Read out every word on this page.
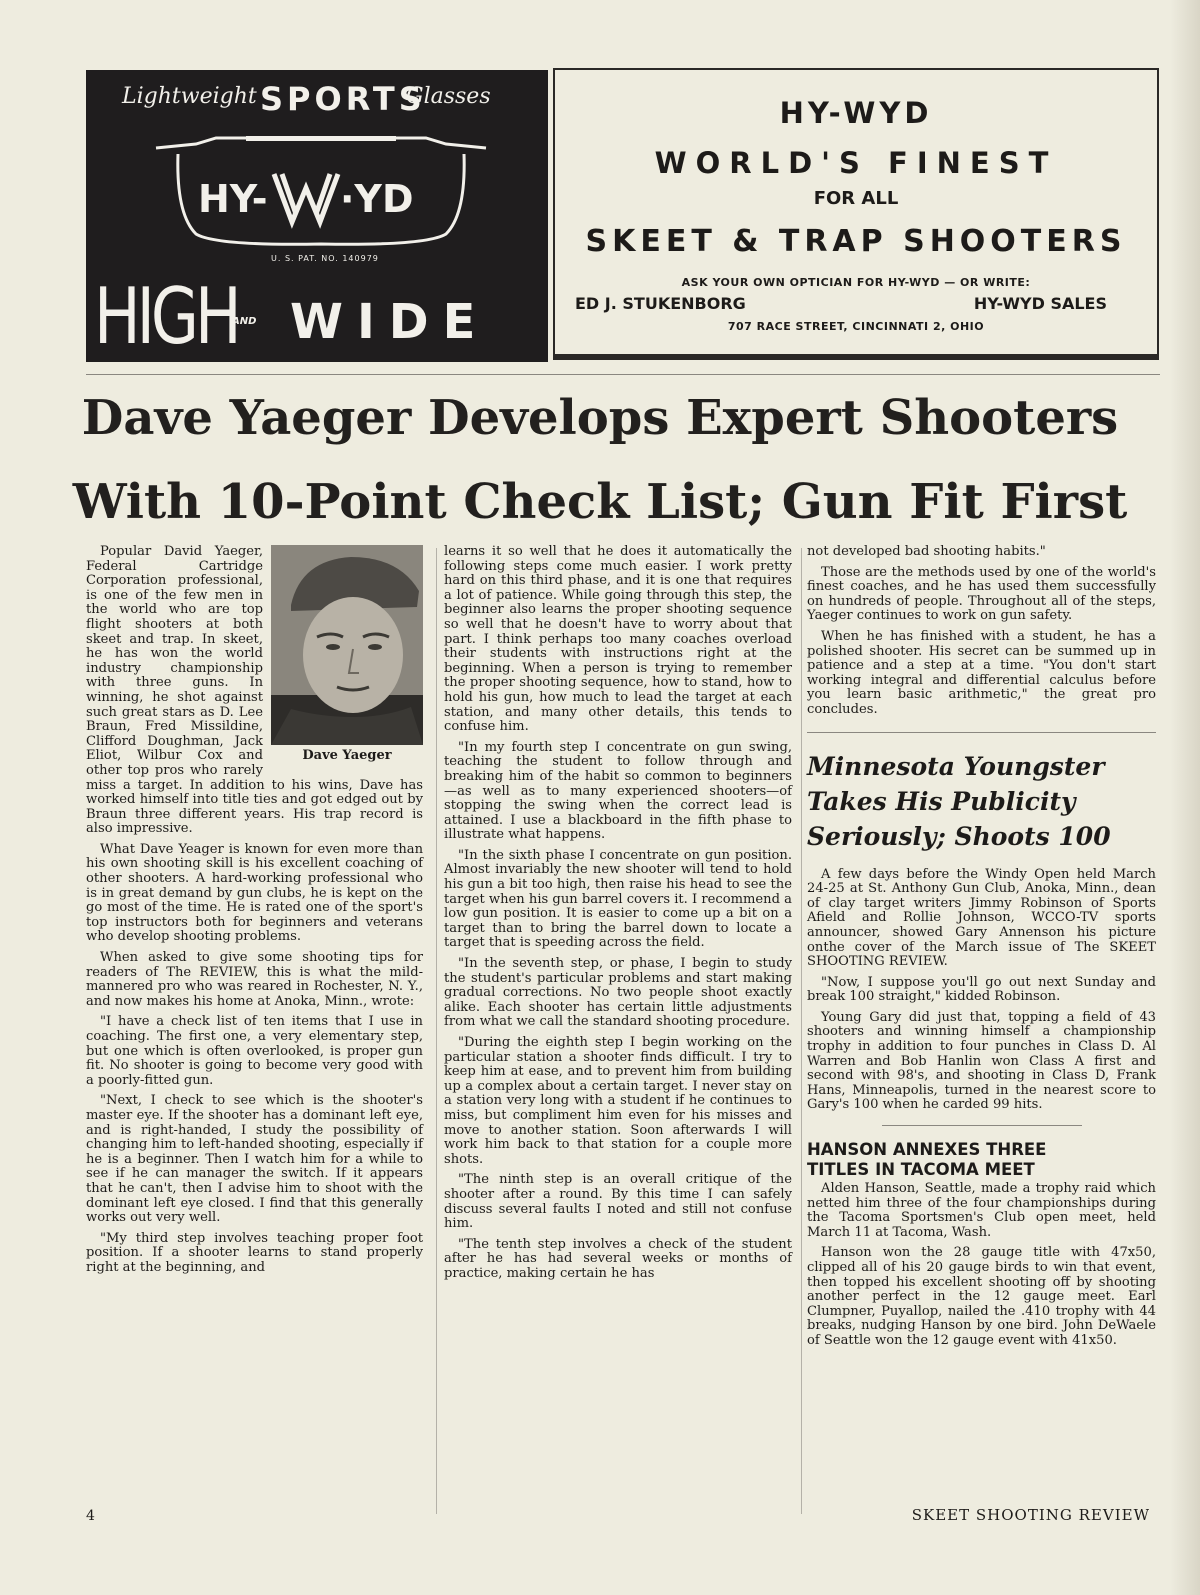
Lightweight SPORTS
Glasses
HY- ·YD
U. S. PAT. NO. 140979
HIGH
AND WIDE
HY-WYD
WORLD'S FINEST
FOR ALL
SKEET & TRAP SHOOTERS
ASK YOUR OWN OPTICIAN FOR HY-WYD — OR WRITE:
ED J. STUKENBORG	HY-WYD SALES
707 RACE STREET, CINCINNATI 2, OHIO
Dave Yaeger Develops Expert Shooters
With 10-Point Check List; Gun Fit First
Dave Yaeger

Popular David Yaeger, Federal Cartridge Corporation professional, is one of the few men in the world who are top flight shooters at both skeet and trap. In skeet, he has won the world industry championship with three guns. In winning, he shot against such great stars as D. Lee Braun, Fred Missildine, Clifford Doughman, Jack Eliot, Wilbur Cox and other top pros who rarely miss a target. In addition to his wins, Dave has worked himself into title ties and got edged out by Braun three different years. His trap record is also impressive.

What Dave Yeager is known for even more than his own shooting skill is his excellent coaching of other shooters. A hard-working professional who is in great demand by gun clubs, he is kept on the go most of the time. He is rated one of the sport's top instructors both for beginners and veterans who develop shooting problems.

When asked to give some shooting tips for readers of The REVIEW, this is what the mild-mannered pro who was reared in Rochester, N. Y., and now makes his home at Anoka, Minn., wrote:

"I have a check list of ten items that I use in coaching. The first one, a very elementary step, but one which is often overlooked, is proper gun fit. No shooter is going to become very good with a poorly-fitted gun.

"Next, I check to see which is the shooter's master eye. If the shooter has a dominant left eye, and is right-handed, I study the possibility of changing him to left-handed shooting, especially if he is a beginner. Then I watch him for a while to see if he can manager the switch. If it appears that he can't, then I advise him to shoot with the dominant left eye closed. I find that this generally works out very well.

"My third step involves teaching proper foot position. If a shooter learns to stand properly right at the beginning, and

learns it so well that he does it automatically the following steps come much easier. I work pretty hard on this third phase, and it is one that requires a lot of patience. While going through this step, the beginner also learns the proper shooting sequence so well that he doesn't have to worry about that part. I think perhaps too many coaches overload their students with instructions right at the beginning. When a person is trying to remember the proper shooting sequence, how to stand, how to hold his gun, how much to lead the target at each station, and many other details, this tends to confuse him.

"In my fourth step I concentrate on gun swing, teaching the student to follow through and breaking him of the habit so common to beginners—as well as to many experienced shooters—of stopping the swing when the correct lead is attained. I use a blackboard in the fifth phase to illustrate what happens.

"In the sixth phase I concentrate on gun position. Almost invariably the new shooter will tend to hold his gun a bit too high, then raise his head to see the target when his gun barrel covers it. I recommend a low gun position. It is easier to come up a bit on a target than to bring the barrel down to locate a target that is speeding across the field.

"In the seventh step, or phase, I begin to study the student's particular problems and start making gradual corrections. No two people shoot exactly alike. Each shooter has certain little adjustments from what we call the standard shooting procedure.

"During the eighth step I begin working on the particular station a shooter finds difficult. I try to keep him at ease, and to prevent him from building up a complex about a certain target. I never stay on a station very long with a student if he continues to miss, but compliment him even for his misses and move to another station. Soon afterwards I will work him back to that station for a couple more shots.

"The ninth step is an overall critique of the shooter after a round. By this time I can safely discuss several faults I noted and still not confuse him.

"The tenth step involves a check of the student after he has had several weeks or months of practice, making certain he has

not developed bad shooting habits."

Those are the methods used by one of the world's finest coaches, and he has used them successfully on hundreds of people. Throughout all of the steps, Yaeger continues to work on gun safety.

When he has finished with a student, he has a polished shooter. His secret can be summed up in patience and a step at a time. "You don't start working integral and differential calculus before you learn basic arithmetic," the great pro concludes.

Minnesota Youngster
Takes His Publicity
Seriously; Shoots 100

A few days before the Windy Open held March 24-25 at St. Anthony Gun Club, Anoka, Minn., dean of clay target writers Jimmy Robinson of Sports Afield and Rollie Johnson, WCCO-TV sports announcer, showed Gary Annenson his picture onthe cover of the March issue of The SKEET SHOOTING REVIEW.

"Now, I suppose you'll go out next Sunday and break 100 straight," kidded Robinson.

Young Gary did just that, topping a field of 43 shooters and winning himself a championship trophy in addition to four punches in Class D. Al Warren and Bob Hanlin won Class A first and second with 98's, and shooting in Class D, Frank Hans, Minneapolis, turned in the nearest score to Gary's 100 when he carded 99 hits.

HANSON ANNEXES THREE
TITLES IN TACOMA MEET

Alden Hanson, Seattle, made a trophy raid which netted him three of the four championships during the Tacoma Sportsmen's Club open meet, held March 11 at Tacoma, Wash.

Hanson won the 28 gauge title with 47x50, clipped all of his 20 gauge birds to win that event, then topped his excellent shooting off by shooting another perfect in the 12 gauge meet. Earl Clumpner, Puyallop, nailed the .410 trophy with 44 breaks, nudging Hanson by one bird. John DeWaele of Seattle won the 12 gauge event with 41x50.

4	SKEET SHOOTING REVIEW
